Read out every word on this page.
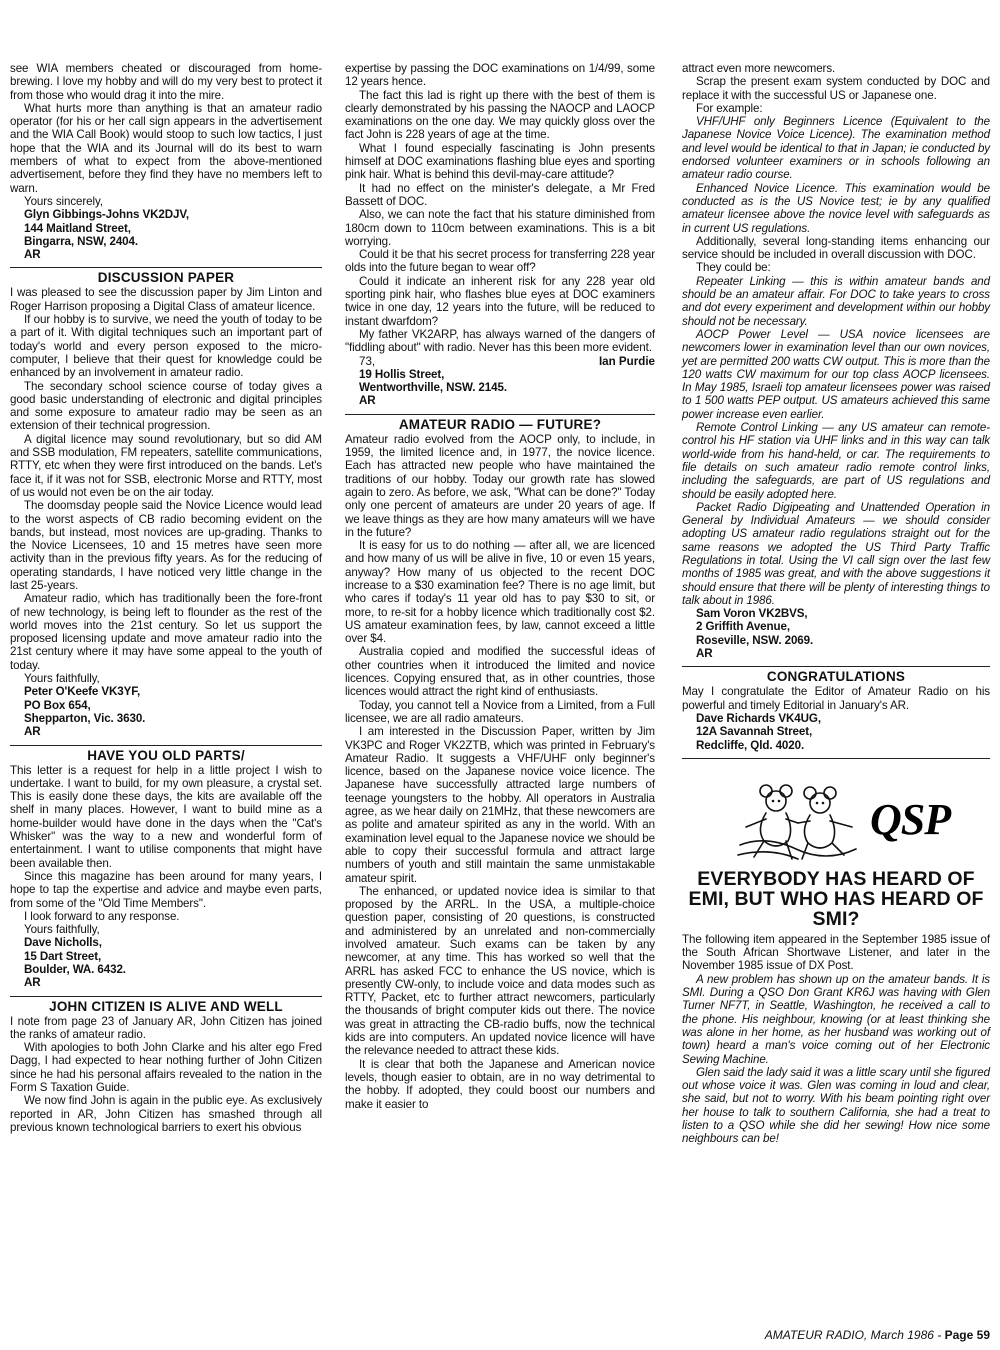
see WIA members cheated or discouraged from home-brewing. I love my hobby and will do my very best to protect it from those who would drag it into the mire.

What hurts more than anything is that an amateur radio operator (for his or her call sign appears in the advertisement and the WIA Call Book) would stoop to such low tactics, I just hope that the WIA and its Journal will do its best to warn members of what to expect from the above-mentioned advertisement, before they find they have no members left to warn.

Yours sincerely,

Glyn Gibbings-Johns VK2DJV,

144 Maitland Street,

Bingarra, NSW, 2404.

AR

DISCUSSION PAPER

I was pleased to see the discussion paper by Jim Linton and Roger Harrison proposing a Digital Class of amateur licence.

If our hobby is to survive, we need the youth of today to be a part of it. With digital techniques such an important part of today's world and every person exposed to the micro-computer, I believe that their quest for knowledge could be enhanced by an involvement in amateur radio.

The secondary school science course of today gives a good basic understanding of electronic and digital principles and some exposure to amateur radio may be seen as an extension of their technical progression.

A digital licence may sound revolutionary, but so did AM and SSB modulation, FM repeaters, satellite communications, RTTY, etc when they were first introduced on the bands. Let's face it, if it was not for SSB, electronic Morse and RTTY, most of us would not even be on the air today.

The doomsday people said the Novice Licence would lead to the worst aspects of CB radio becoming evident on the bands, but instead, most novices are up-grading. Thanks to the Novice Licensees, 10 and 15 metres have seen more activity than in the previous fifty years. As for the reducing of operating standards, I have noticed very little change in the last 25-years.

Amateur radio, which has traditionally been the fore-front of new technology, is being left to flounder as the rest of the world moves into the 21st century. So let us support the proposed licensing update and move amateur radio into the 21st century where it may have some appeal to the youth of today.

Yours faithfully,

Peter O'Keefe VK3YF,

PO Box 654,

Shepparton, Vic. 3630.

AR

HAVE YOU OLD PARTS/

This letter is a request for help in a little project I wish to undertake. I want to build, for my own pleasure, a crystal set. This is easily done these days, the kits are available off the shelf in many places. However, I want to build mine as a home-builder would have done in the days when the "Cat's Whisker" was the way to a new and wonderful form of entertainment. I want to utilise components that might have been available then.

Since this magazine has been around for many years, I hope to tap the expertise and advice and maybe even parts, from some of the "Old Time Members".

I look forward to any response.

Yours faithfully,

Dave Nicholls,

15 Dart Street,

Boulder, WA. 6432.

AR

JOHN CITIZEN IS ALIVE AND WELL

I note from page 23 of January AR, John Citizen has joined the ranks of amateur radio.

With apologies to both John Clarke and his alter ego Fred Dagg, I had expected to hear nothing further of John Citizen since he had his personal affairs revealed to the nation in the Form S Taxation Guide.

We now find John is again in the public eye. As exclusively reported in AR, John Citizen has smashed through all previous known technological barriers to exert his obvious

expertise by passing the DOC examinations on 1/4/99, some 12 years hence.

The fact this lad is right up there with the best of them is clearly demonstrated by his passing the NAOCP and LAOCP examinations on the one day. We may quickly gloss over the fact John is 228 years of age at the time.

What I found especially fascinating is John presents himself at DOC examinations flashing blue eyes and sporting pink hair. What is behind this devil-may-care attitude?

It had no effect on the minister's delegate, a Mr Fred Bassett of DOC.

Also, we can note the fact that his stature diminished from 180cm down to 110cm between examinations. This is a bit worrying.

Could it be that his secret process for transferring 228 year olds into the future began to wear off?

Could it indicate an inherent risk for any 228 year old sporting pink hair, who flashes blue eyes at DOC examiners twice in one day, 12 years into the future, will be reduced to instant dwarfdom?

My father VK2ARP, has always warned of the dangers of "fiddling about" with radio. Never has this been more evident.

73,	Ian Purdie

19 Hollis Street,

Wentworthville, NSW. 2145.

AR

AMATEUR RADIO — FUTURE?

Amateur radio evolved from the AOCP only, to include, in 1959, the limited licence and, in 1977, the novice licence. Each has attracted new people who have maintained the traditions of our hobby. Today our growth rate has slowed again to zero. As before, we ask, "What can be done?" Today only one percent of amateurs are under 20 years of age. If we leave things as they are how many amateurs will we have in the future?

It is easy for us to do nothing — after all, we are licenced and how many of us will be alive in five, 10 or even 15 years, anyway? How many of us objected to the recent DOC increase to a $30 examination fee? There is no age limit, but who cares if today's 11 year old has to pay $30 to sit, or more, to re-sit for a hobby licence which traditionally cost $2. US amateur examination fees, by law, cannot exceed a little over $4.

Australia copied and modified the successful ideas of other countries when it introduced the limited and novice licences. Copying ensured that, as in other countries, those licences would attract the right kind of enthusiasts.

Today, you cannot tell a Novice from a Limited, from a Full licensee, we are all radio amateurs.

I am interested in the Discussion Paper, written by Jim VK3PC and Roger VK2ZTB, which was printed in February's Amateur Radio. It suggests a VHF/UHF only beginner's licence, based on the Japanese novice voice licence. The Japanese have successfully attracted large numbers of teenage youngsters to the hobby. All operators in Australia agree, as we hear daily on 21MHz, that these newcomers are as polite and amateur spirited as any in the world. With an examination level equal to the Japanese novice we should be able to copy their successful formula and attract large numbers of youth and still maintain the same unmistakable amateur spirit.

The enhanced, or updated novice idea is similar to that proposed by the ARRL. In the USA, a multiple-choice question paper, consisting of 20 questions, is constructed and administered by an unrelated and non-commercially involved amateur. Such exams can be taken by any newcomer, at any time. This has worked so well that the ARRL has asked FCC to enhance the US novice, which is presently CW-only, to include voice and data modes such as RTTY, Packet, etc to further attract newcomers, particularly the thousands of bright computer kids out there. The novice was great in attracting the CB-radio buffs, now the technical kids are into computers. An updated novice licence will have the relevance needed to attract these kids.

It is clear that both the Japanese and American novice levels, though easier to obtain, are in no way detrimental to the hobby. If adopted, they could boost our numbers and make it easier to

attract even more newcomers.

Scrap the present exam system conducted by DOC and replace it with the successful US or Japanese one.

For example:

VHF/UHF only Beginners Licence (Equivalent to the Japanese Novice Voice Licence). The examination method and level would be identical to that in Japan; ie conducted by endorsed volunteer examiners or in schools following an amateur radio course.

Enhanced Novice Licence. This examination would be conducted as is the US Novice test; ie by any qualified amateur licensee above the novice level with safeguards as in current US regulations.

Additionally, several long-standing items enhancing our service should be included in overall discussion with DOC.

They could be:

Repeater Linking — this is within amateur bands and should be an amateur affair. For DOC to take years to cross and dot every experiment and development within our hobby should not be necessary.

AOCP Power Level — USA novice licensees are newcomers lower in examination level than our own novices, yet are permitted 200 watts CW output. This is more than the 120 watts CW maximum for our top class AOCP licensees. In May 1985, Israeli top amateur licensees power was raised to 1 500 watts PEP output. US amateurs achieved this same power increase even earlier.

Remote Control Linking — any US amateur can remote-control his HF station via UHF links and in this way can talk world-wide from his hand-held, or car. The requirements to file details on such amateur radio remote control links, including the safeguards, are part of US regulations and should be easily adopted here.

Packet Radio Digipeating and Unattended Operation in General by Individual Amateurs — we should consider adopting US amateur radio regulations straight out for the same reasons we adopted the US Third Party Traffic Regulations in total. Using the VI call sign over the last few months of 1985 was great, and with the above suggestions it should ensure that there will be plenty of interesting things to talk about in 1986.

Sam Voron VK2BVS,

2 Griffith Avenue,

Roseville, NSW. 2069.

AR

CONGRATULATIONS

May I congratulate the Editor of Amateur Radio on his powerful and timely Editorial in January's AR.

Dave Richards VK4UG,

12A Savannah Street,

Redcliffe, Qld. 4020.

QSP
EVERYBODY HAS HEARD OF EMI, BUT WHO HAS HEARD OF SMI?

The following item appeared in the September 1985 issue of the South African Shortwave Listener, and later in the November 1985 issue of DX Post.

A new problem has shown up on the amateur bands. It is SMI. During a QSO Don Grant KR6J was having with Glen Turner NF7T, in Seattle, Washington, he received a call to the phone. His neighbour, knowing (or at least thinking she was alone in her home, as her husband was working out of town) heard a man's voice coming out of her Electronic Sewing Machine.

Glen said the lady said it was a little scary until she figured out whose voice it was. Glen was coming in loud and clear, she said, but not to worry. With his beam pointing right over her house to talk to southern California, she had a treat to listen to a QSO while she did her sewing! How nice some neighbours can be!

AMATEUR RADIO, March 1986 - Page 59
